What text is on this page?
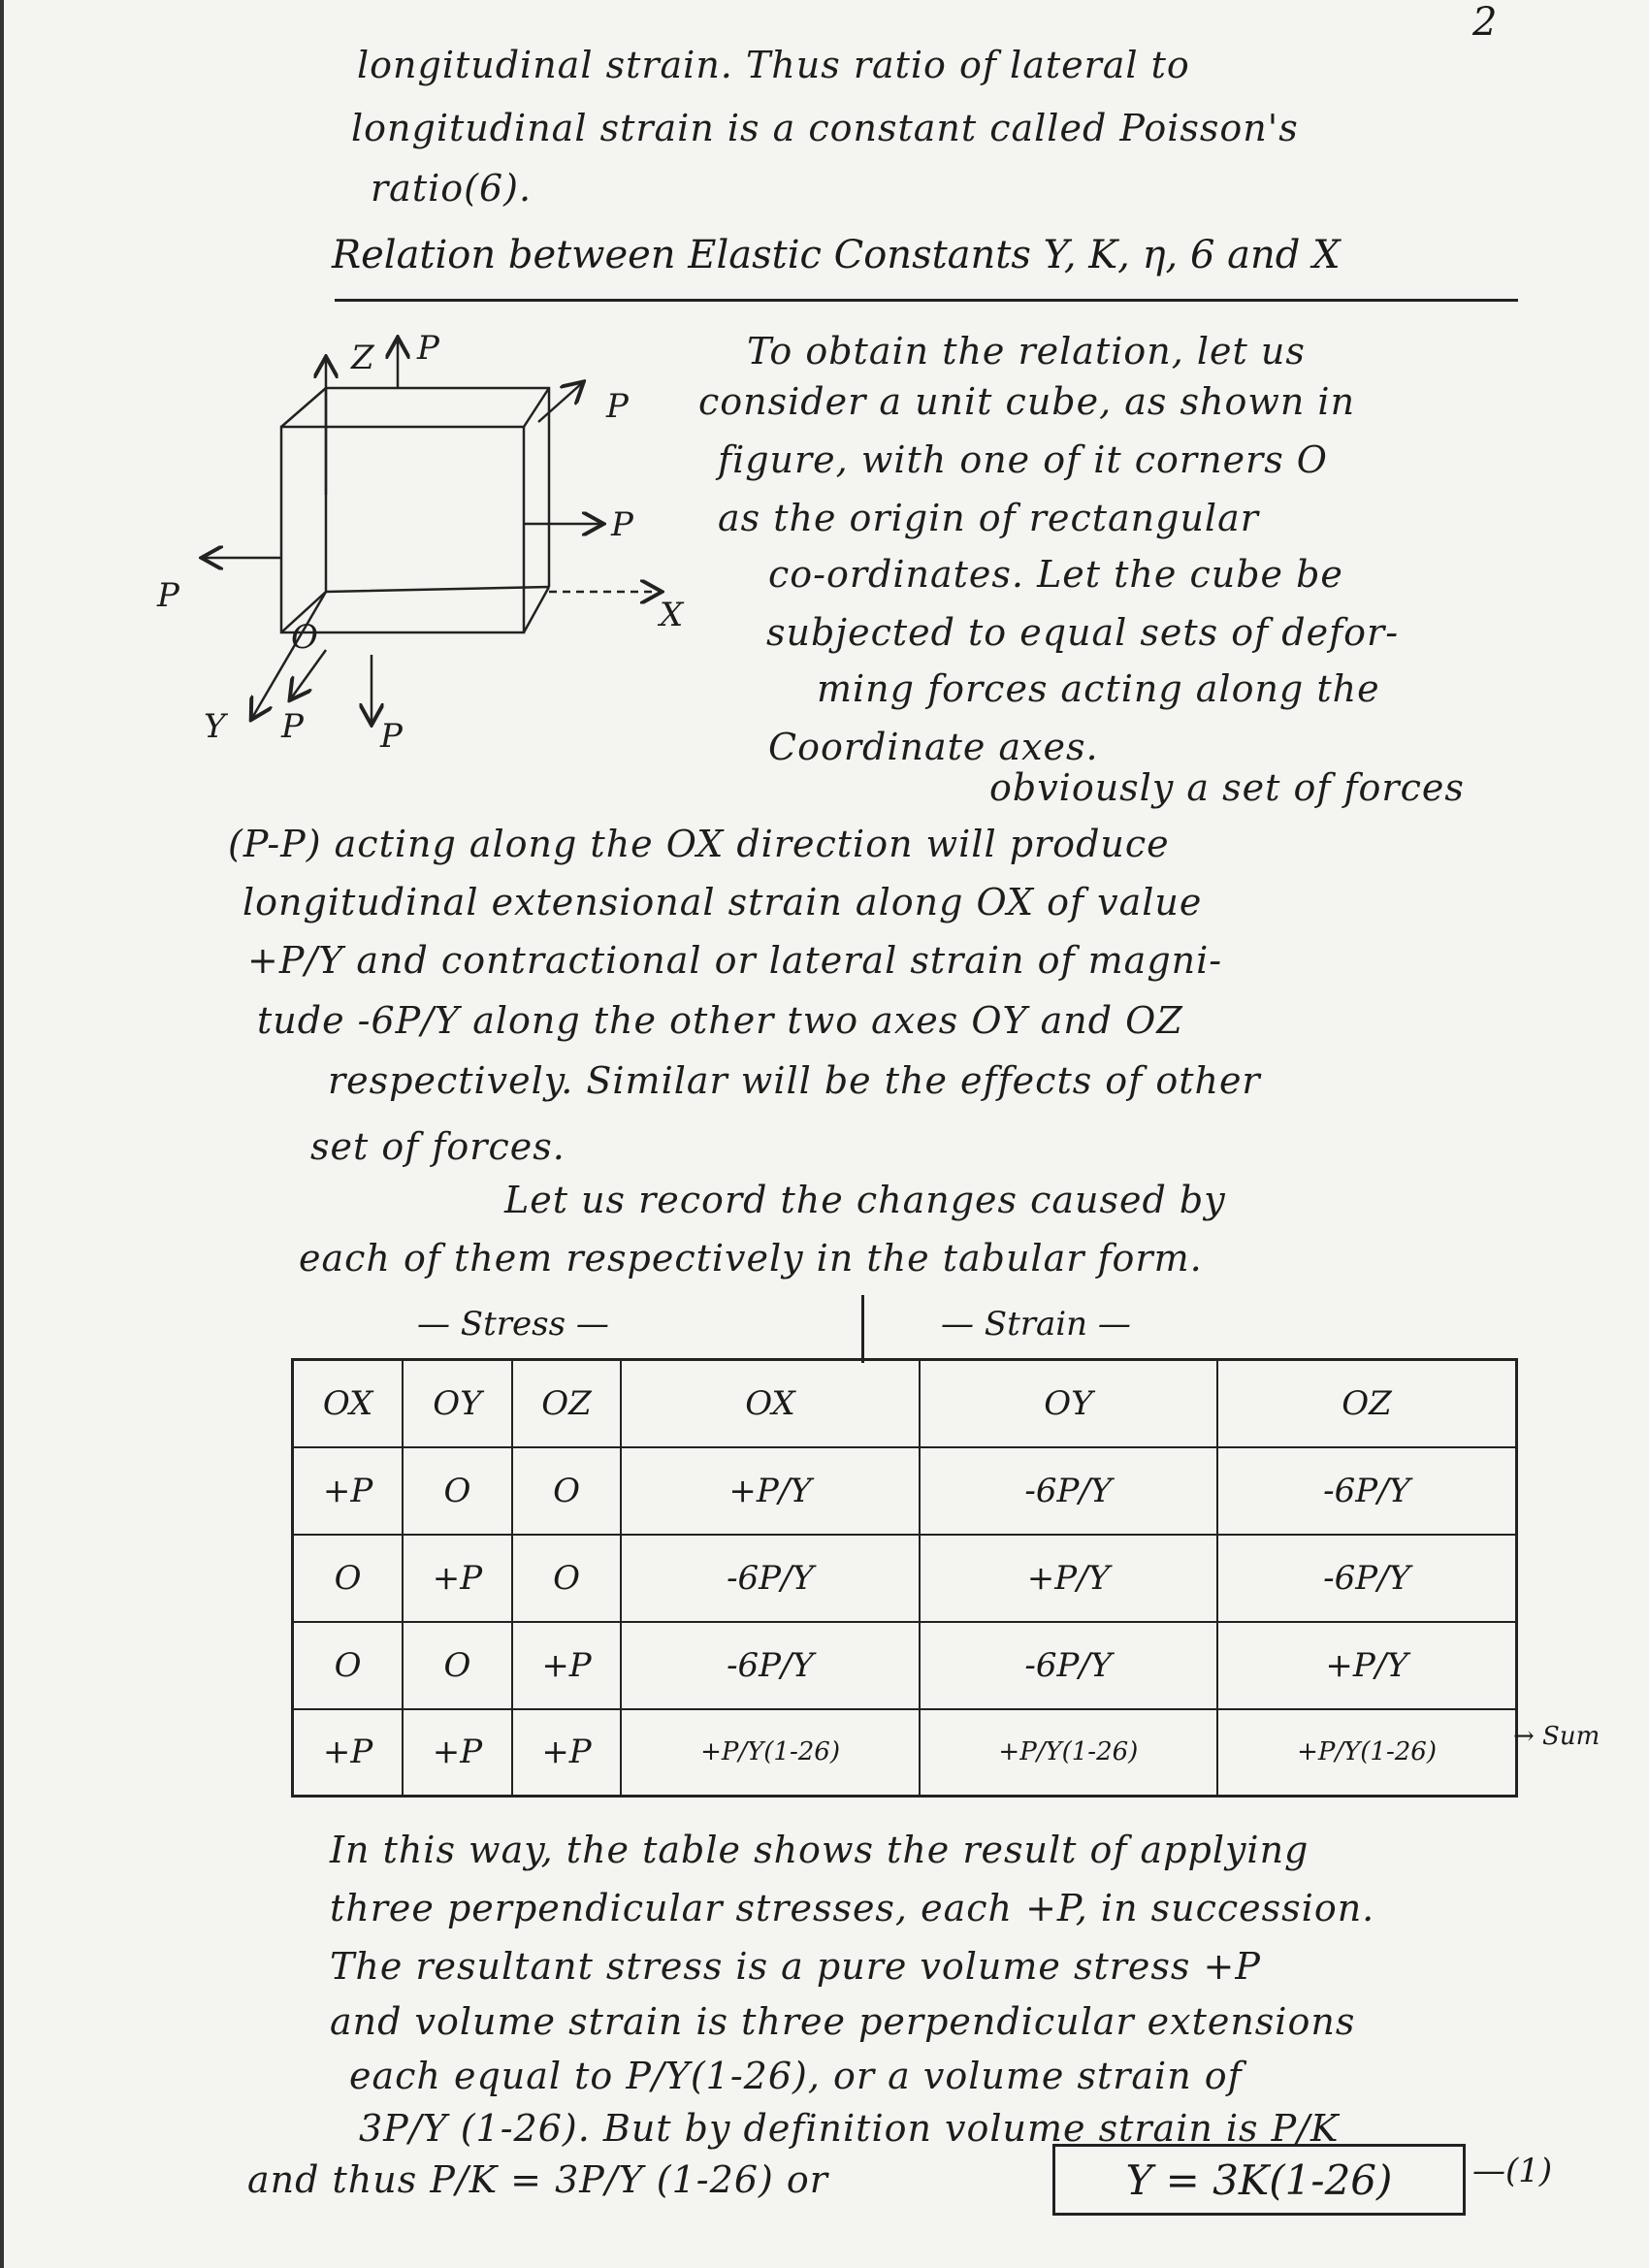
2
longitudinal strain. Thus ratio of lateral to
longitudinal strain is a constant called Poisson's
ratio(6).
Relation between Elastic Constants Y, K, η, 6 and X
Z P
P
P
P
O
X
Y P P
To obtain the relation, let us
consider a unit cube, as shown in
figure, with one of it corners O
as the origin of rectangular
co-ordinates. Let the cube be
subjected to equal sets of defor-
ming forces acting along the
Coordinate axes.
obviously a set of forces
(P-P) acting along the OX direction will produce
longitudinal extensional strain along OX of value
+P/Y and contractional or lateral strain of magni-
tude -6P/Y along the other two axes OY and OZ
respectively. Similar will be the effects of other
set of forces.
Let us record the changes caused by
each of them respectively in the tabular form.
— Stress —	— Strain —
OX	OY	OZ	OX	OY	OZ
+P	O	O	+P/Y	-6P/Y	-6P/Y
O	+P	O	-6P/Y	+P/Y	-6P/Y
O	O	+P	-6P/Y	-6P/Y	+P/Y
+P	+P	+P	+P/Y(1-26)	+P/Y(1-26)	+P/Y(1-26)
→ Sum
In this way, the table shows the result of applying
three perpendicular stresses, each +P, in succession.
The resultant stress is a pure volume stress +P
and volume strain is three perpendicular extensions
each equal to P/Y(1-26), or a volume strain of
3P/Y (1-26). But by definition volume strain is P/K
and thus P/K = 3P/Y (1-26) or	Y = 3K(1-26)	—(1)
